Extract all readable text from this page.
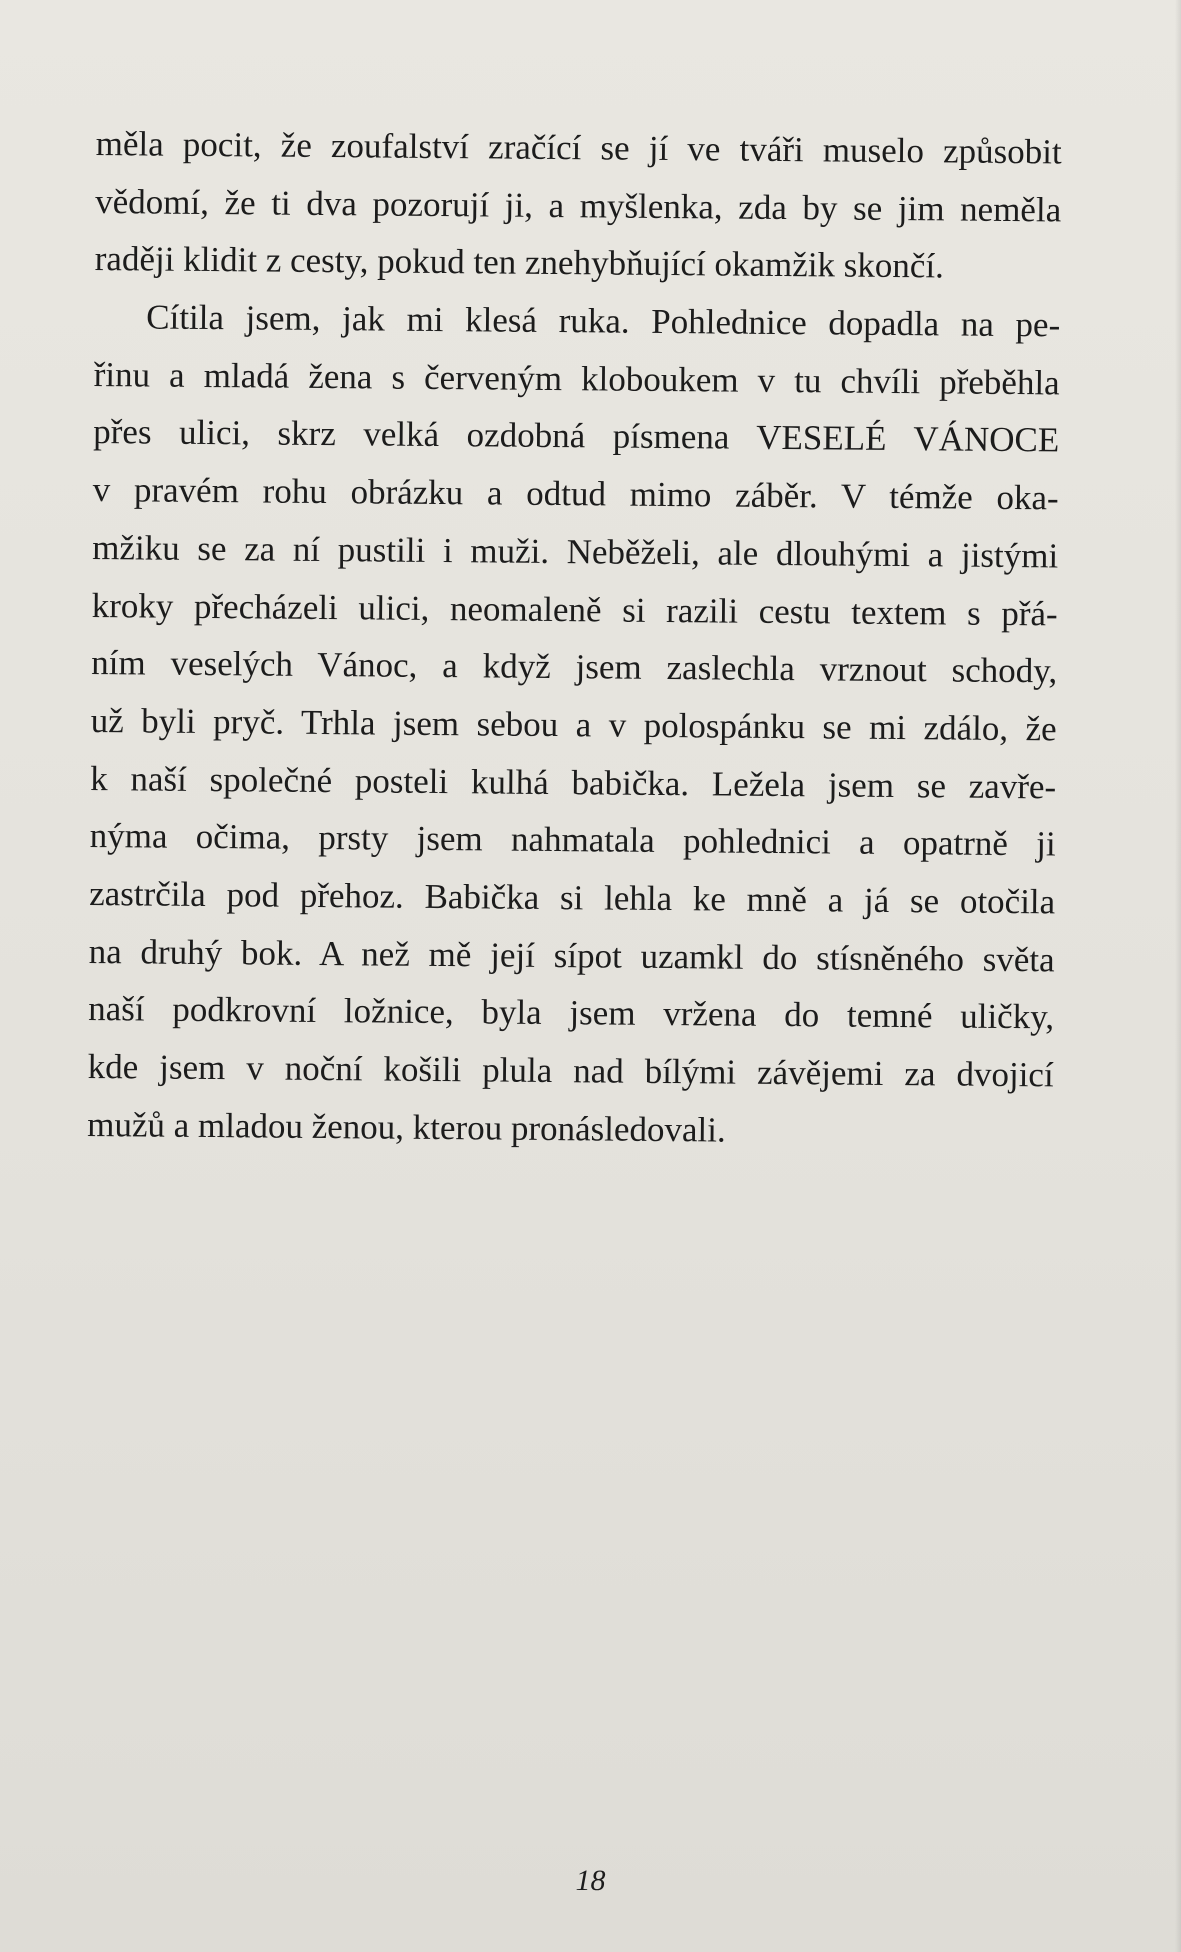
měla pocit, že zoufalství zračící se jí ve tváři muselo způsobit
vědomí, že ti dva pozorují ji, a myšlenka, zda by se jim neměla
raději klidit z cesty, pokud ten znehybňující okamžik skončí.
Cítila jsem, jak mi klesá ruka. Pohlednice dopadla na pe-
řinu a mladá žena s červeným kloboukem v tu chvíli přeběhla
přes ulici, skrz velká ozdobná písmena VESELÉ VÁNOCE
v pravém rohu obrázku a odtud mimo záběr. V témže oka-
mžiku se za ní pustili i muži. Neběželi, ale dlouhými a jistými
kroky přecházeli ulici, neomaleně si razili cestu textem s přá-
ním veselých Vánoc, a když jsem zaslechla vrznout schody,
už byli pryč. Trhla jsem sebou a v polospánku se mi zdálo, že
k naší společné posteli kulhá babička. Ležela jsem se zavře-
nýma očima, prsty jsem nahmatala pohlednici a opatrně ji
zastrčila pod přehoz. Babička si lehla ke mně a já se otočila
na druhý bok. A než mě její sípot uzamkl do stísněného světa
naší podkrovní ložnice, byla jsem vržena do temné uličky,
kde jsem v noční košili plula nad bílými závějemi za dvojicí
mužů a mladou ženou, kterou pronásledovali.
18
